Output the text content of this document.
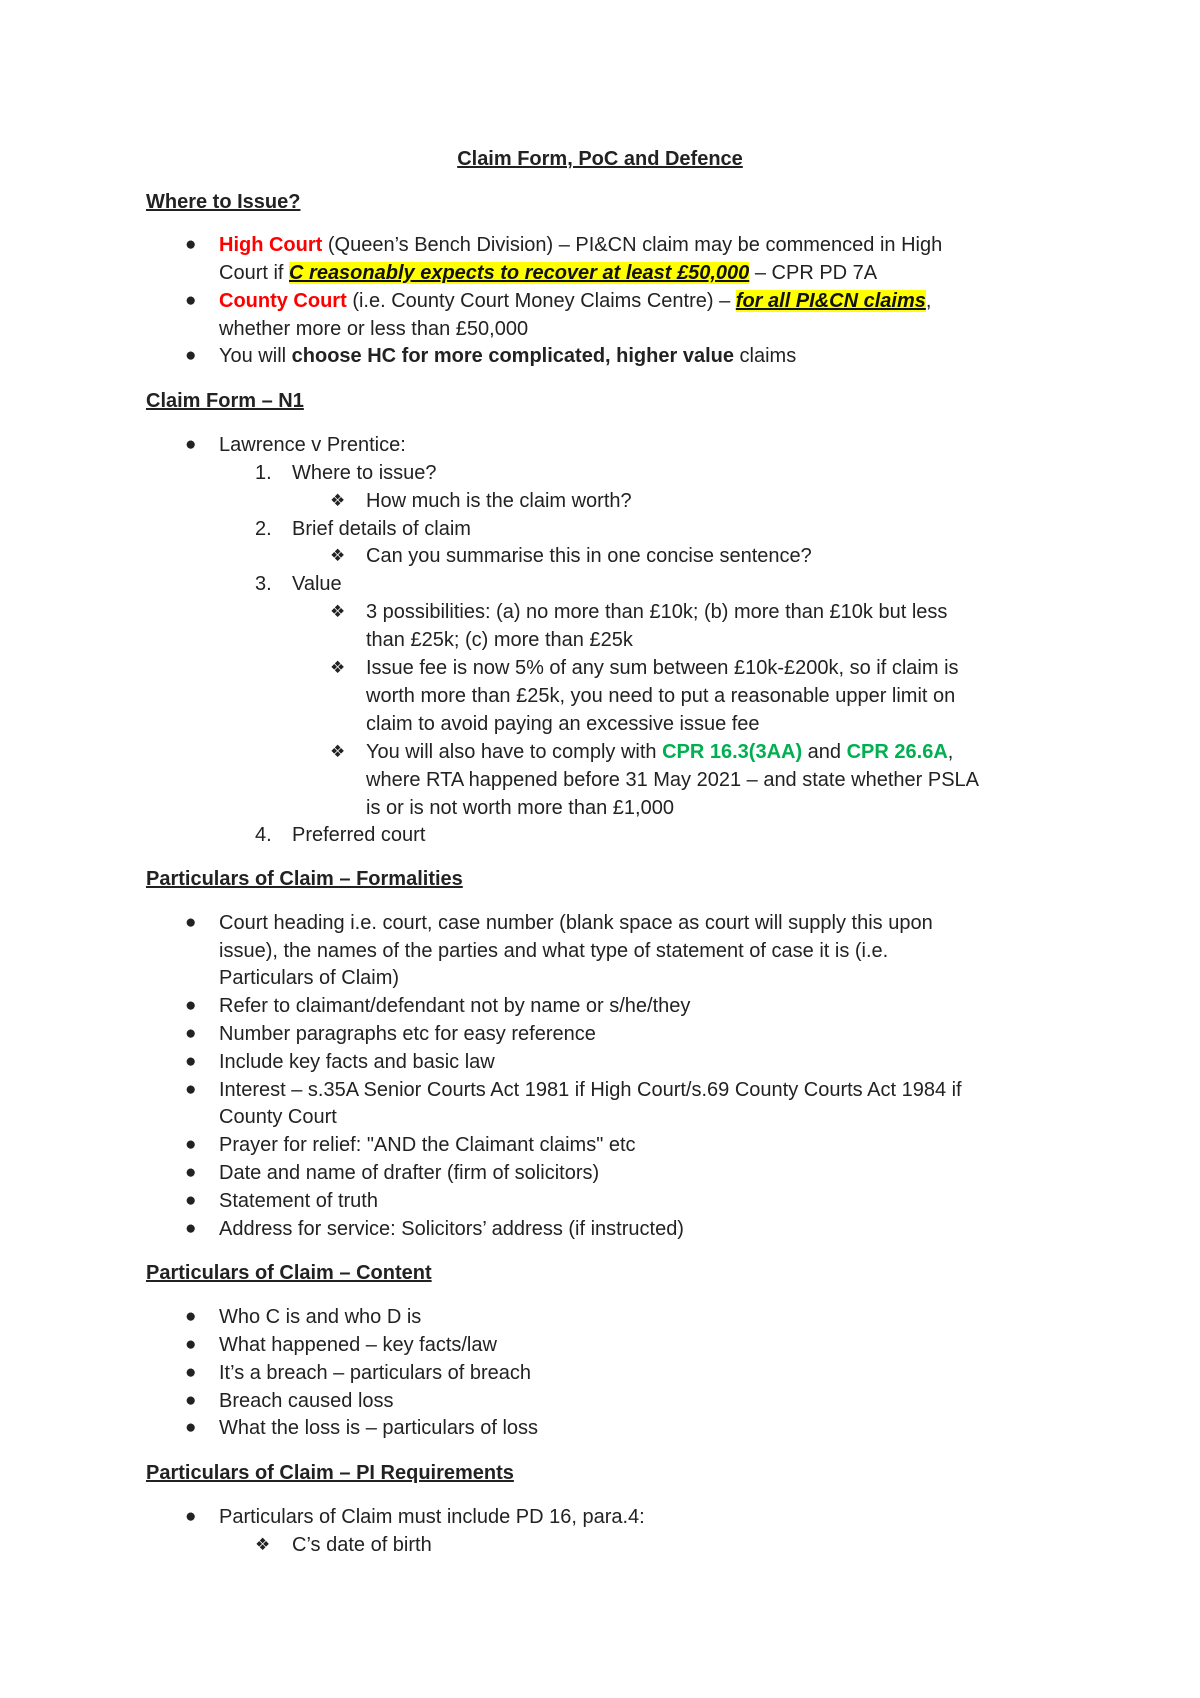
Claim Form, PoC and Defence
Where to Issue?
● High Court (Queen’s Bench Division) – PI&CN claim may be commenced in High
Court if C reasonably expects to recover at least £50,000 – CPR PD 7A
● County Court (i.e. County Court Money Claims Centre) – for all PI&CN claims,
whether more or less than £50,000
● You will choose HC for more complicated, higher value claims
Claim Form – N1
● Lawrence v Prentice:
1. Where to issue?
❖ How much is the claim worth?
2. Brief details of claim
❖ Can you summarise this in one concise sentence?
3. Value
❖ 3 possibilities: (a) no more than £10k; (b) more than £10k but less
than £25k; (c) more than £25k
❖ Issue fee is now 5% of any sum between £10k-£200k, so if claim is
worth more than £25k, you need to put a reasonable upper limit on
claim to avoid paying an excessive issue fee
❖ You will also have to comply with CPR 16.3(3AA) and CPR 26.6A,
where RTA happened before 31 May 2021 – and state whether PSLA
is or is not worth more than £1,000
4. Preferred court
Particulars of Claim – Formalities
● Court heading i.e. court, case number (blank space as court will supply this upon
issue), the names of the parties and what type of statement of case it is (i.e.
Particulars of Claim)
● Refer to claimant/defendant not by name or s/he/they
● Number paragraphs etc for easy reference
● Include key facts and basic law
● Interest – s.35A Senior Courts Act 1981 if High Court/s.69 County Courts Act 1984 if
County Court
● Prayer for relief: "AND the Claimant claims" etc
● Date and name of drafter (firm of solicitors)
● Statement of truth
● Address for service: Solicitors’ address (if instructed)
Particulars of Claim – Content
● Who C is and who D is
● What happened – key facts/law
● It’s a breach – particulars of breach
● Breach caused loss
● What the loss is – particulars of loss
Particulars of Claim – PI Requirements
● Particulars of Claim must include PD 16, para.4:
❖ C’s date of birth
